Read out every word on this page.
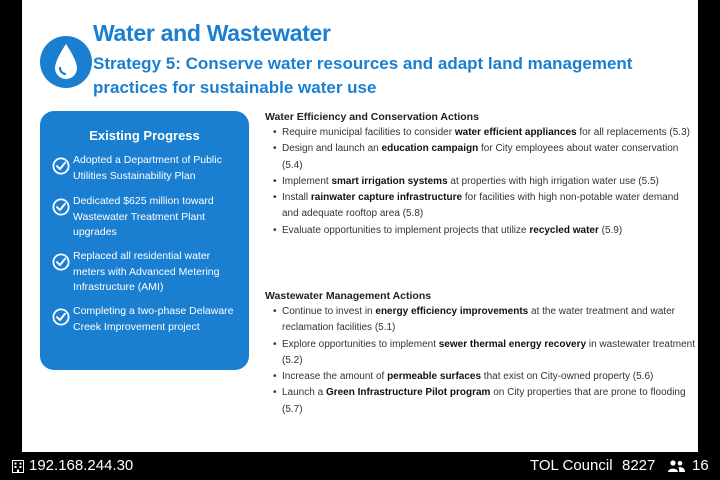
Water and Wastewater
Strategy 5: Conserve water resources and adapt land management practices for sustainable water use
Existing Progress
Adopted a Department of Public Utilities Sustainability Plan
Dedicated $625 million toward Wastewater Treatment Plant upgrades
Replaced all residential water meters with Advanced Metering Infrastructure (AMI)
Completing a two-phase Delaware Creek Improvement project
Water Efficiency and Conservation Actions
• Require municipal facilities to consider water efficient appliances for all replacements (5.3)
• Design and launch an education campaign for City employees about water conservation (5.4)
• Implement smart irrigation systems at properties with high irrigation water use (5.5)
• Install rainwater capture infrastructure for facilities with high non-potable water demand and adequate rooftop area (5.8)
• Evaluate opportunities to implement projects that utilize recycled water (5.9)
Wastewater Management Actions
• Continue to invest in energy efficiency improvements at the water treatment and water reclamation facilities (5.1)
• Explore opportunities to implement sewer thermal energy recovery in wastewater treatment (5.2)
• Increase the amount of permeable surfaces that exist on City-owned property (5.6)
• Launch a Green Infrastructure Pilot program on City properties that are prone to flooding (5.7)
192.168.244.30	TOL Council 8227 16
